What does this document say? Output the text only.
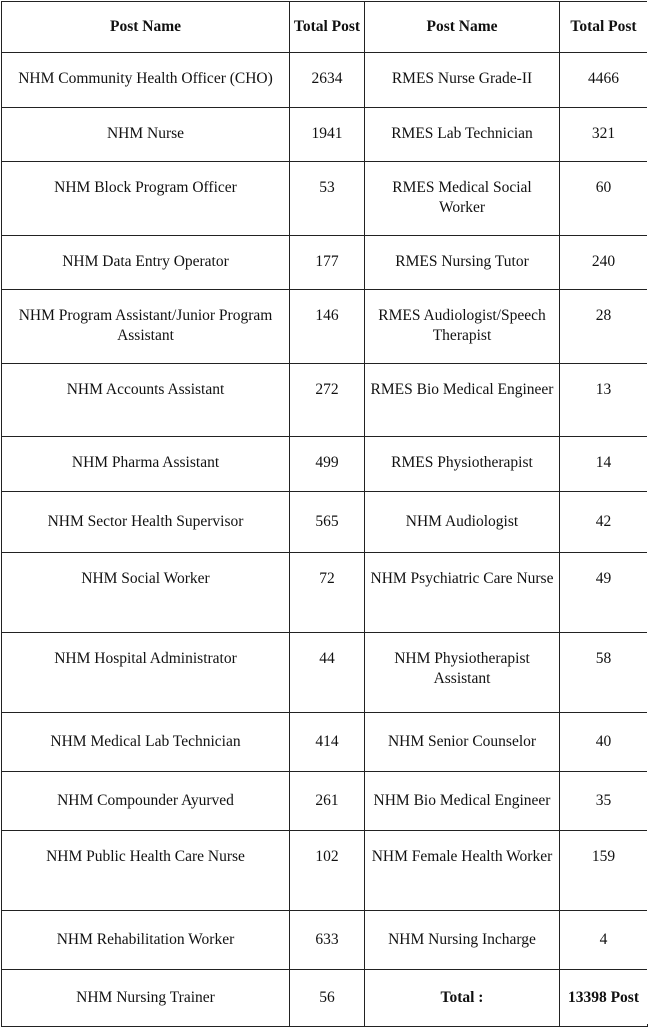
Post Name	Total Post	Post Name	Total Post
NHM Community Health Officer (CHO)	2634	RMES Nurse Grade-II	4466
NHM Nurse	1941	RMES Lab Technician	321
NHM Block Program Officer	53	RMES Medical Social Worker	60
NHM Data Entry Operator	177	RMES Nursing Tutor	240
NHM Program Assistant/Junior Program Assistant	146	RMES Audiologist/Speech Therapist	28
NHM Accounts Assistant	272	RMES Bio Medical Engineer	13
NHM Pharma Assistant	499	RMES Physiotherapist	14
NHM Sector Health Supervisor	565	NHM Audiologist	42
NHM Social Worker	72	NHM Psychiatric Care Nurse	49
NHM Hospital Administrator	44	NHM Physiotherapist Assistant	58
NHM Medical Lab Technician	414	NHM Senior Counselor	40
NHM Compounder Ayurved	261	NHM Bio Medical Engineer	35
NHM Public Health Care Nurse	102	NHM Female Health Worker	159
NHM Rehabilitation Worker	633	NHM Nursing Incharge	4
NHM Nursing Trainer	56	Total :	13398 Post
